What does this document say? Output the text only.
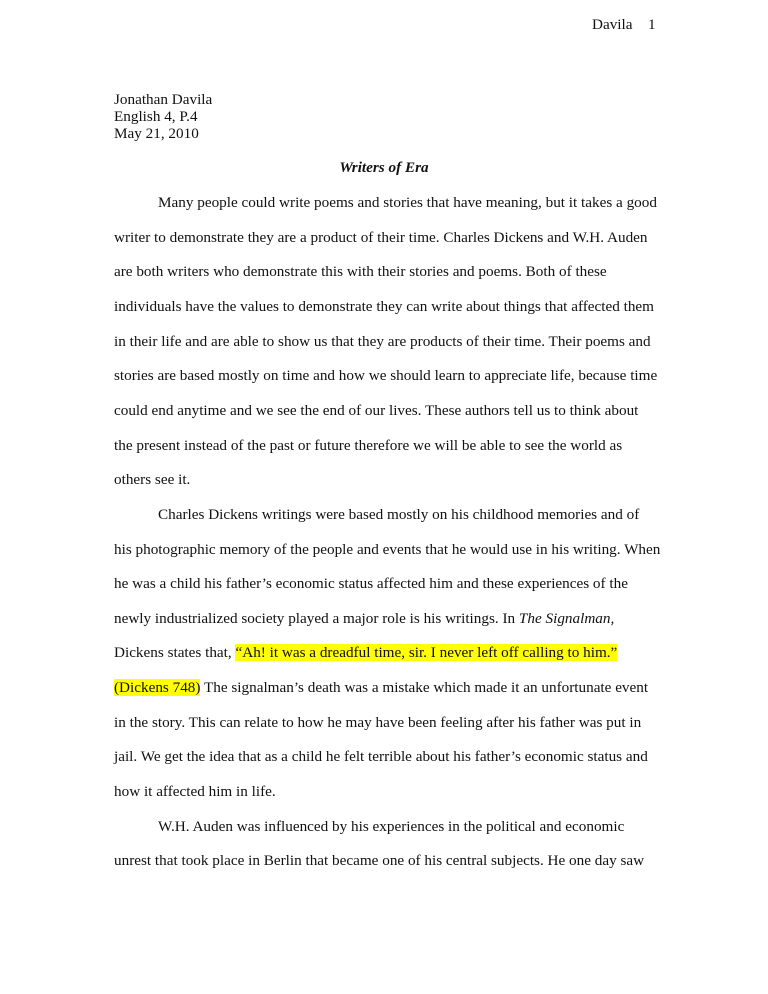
Davila 1
Jonathan Davila
English 4, P.4
May 21, 2010
Writers of Era
Many people could write poems and stories that have meaning, but it takes a good
writer to demonstrate they are a product of their time. Charles Dickens and W.H. Auden
are both writers who demonstrate this with their stories and poems. Both of these
individuals have the values to demonstrate they can write about things that affected them
in their life and are able to show us that they are products of their time. Their poems and
stories are based mostly on time and how we should learn to appreciate life, because time
could end anytime and we see the end of our lives. These authors tell us to think about
the present instead of the past or future therefore we will be able to see the world as
others see it.
Charles Dickens writings were based mostly on his childhood memories and of
his photographic memory of the people and events that he would use in his writing. When
he was a child his father’s economic status affected him and these experiences of the
newly industrialized society played a major role is his writings. In The Signalman,
Dickens states that, “Ah! it was a dreadful time, sir. I never left off calling to him.”
(Dickens 748) The signalman’s death was a mistake which made it an unfortunate event
in the story. This can relate to how he may have been feeling after his father was put in
jail. We get the idea that as a child he felt terrible about his father’s economic status and
how it affected him in life.
W.H. Auden was influenced by his experiences in the political and economic
unrest that took place in Berlin that became one of his central subjects. He one day saw
